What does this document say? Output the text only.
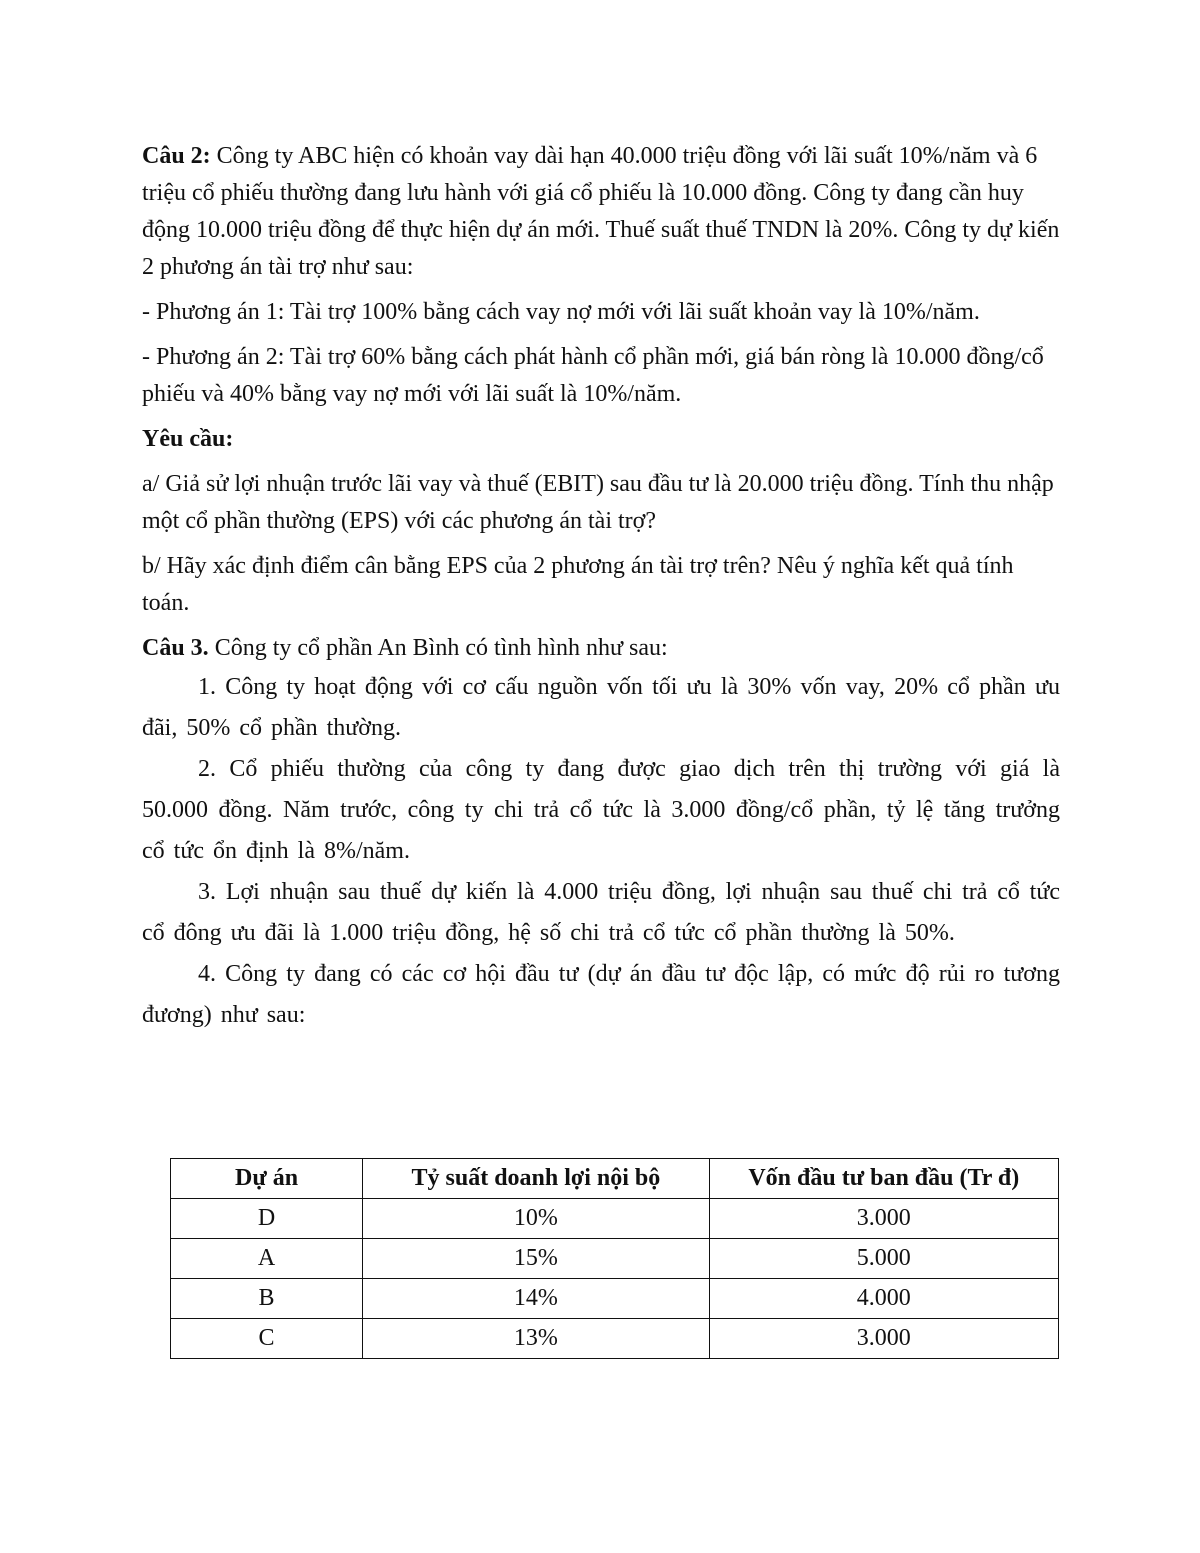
Câu 2: Công ty ABC hiện có khoản vay dài hạn 40.000 triệu đồng với lãi suất 10%/năm và 6 triệu cổ phiếu thường đang lưu hành với giá cổ phiếu là 10.000 đồng. Công ty đang cần huy động 10.000 triệu đồng để thực hiện dự án mới. Thuế suất thuế TNDN là 20%. Công ty dự kiến 2 phương án tài trợ như sau:

- Phương án 1: Tài trợ 100% bằng cách vay nợ mới với lãi suất khoản vay là 10%/năm.

- Phương án 2: Tài trợ 60% bằng cách phát hành cổ phần mới, giá bán ròng là 10.000 đồng/cổ phiếu và 40% bằng vay nợ mới với lãi suất là 10%/năm.

Yêu cầu:

a/ Giả sử lợi nhuận trước lãi vay và thuế (EBIT) sau đầu tư là 20.000 triệu đồng. Tính thu nhập một cổ phần thường (EPS) với các phương án tài trợ?

b/ Hãy xác định điểm cân bằng EPS của 2 phương án tài trợ trên? Nêu ý nghĩa kết quả tính toán.

Câu 3. Công ty cổ phần An Bình có tình hình như sau:

1. Công ty hoạt động với cơ cấu nguồn vốn tối ưu là 30% vốn vay, 20% cổ phần ưu đãi, 50% cổ phần thường.

2. Cổ phiếu thường của công ty đang được giao dịch trên thị trường với giá là 50.000 đồng. Năm trước, công ty chi trả cổ tức là 3.000 đồng/cổ phần, tỷ lệ tăng trưởng cổ tức ổn định là 8%/năm.

3. Lợi nhuận sau thuế dự kiến là 4.000 triệu đồng, lợi nhuận sau thuế chi trả cổ tức cổ đông ưu đãi là 1.000 triệu đồng, hệ số chi trả cổ tức cổ phần thường là 50%.

4. Công ty đang có các cơ hội đầu tư (dự án đầu tư độc lập, có mức độ rủi ro tương đương) như sau:

Dự án	Tỷ suất doanh lợi nội bộ	Vốn đầu tư ban đầu (Tr đ)
D	10%	3.000
A	15%	5.000
B	14%	4.000
C	13%	3.000
